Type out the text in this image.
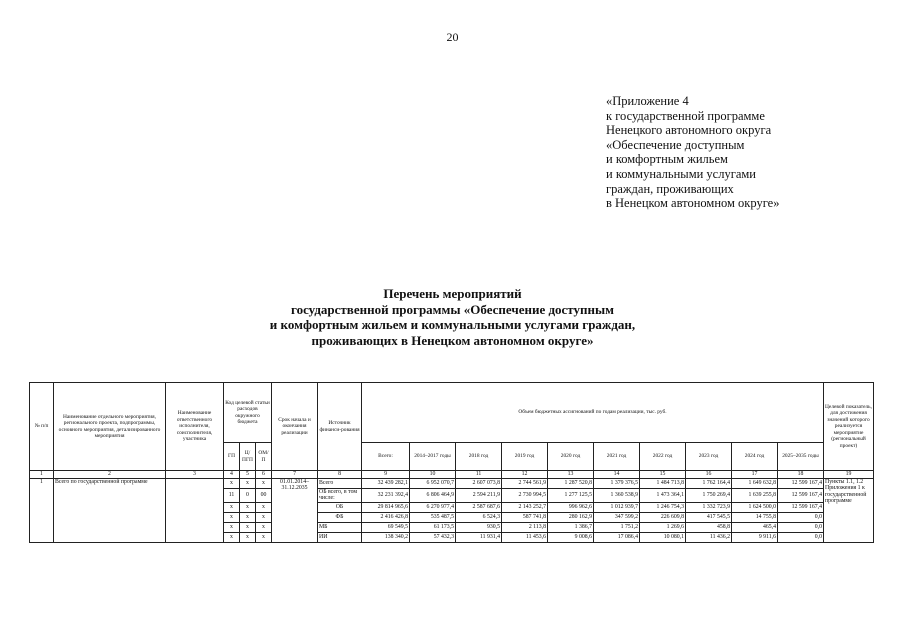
20
«Приложение 4
к государственной программе
Ненецкого автономного округа
«Обеспечение доступным
и комфортным жильем
и коммунальными услугами
граждан, проживающих
в Ненецком автономном округе»
Перечень мероприятий
государственной программы «Обеспечение доступным
и комфортным жильем и коммунальными услугами граждан,
проживающих в Ненецком автономном округе»
№ п/п	Наименование отдельного мероприятия, регионального проекта, подпрограммы, основного мероприятия, детализированного мероприятия	Наименование ответственного исполнителя, соисполнителя, участника	Код целевой статьи расходов окружного бюджета			Срок начала и окончания реализации	Источник финанси-рования	Объем бюджетных ассигнований по годам реализации, тыс. руб.										Целевой показатель, для достижения значений которого реализуется мероприятие (региональный проект)
			ГП	Ц/ПГП	ОМ/П			Всего:	2014–2017 годы	2018 год	2019 год	2020 год	2021 год	2022 год	2023 год	2024 год	2025–2035 годы	
1	2	3	4	5	6	7	8	9	10	11	12	13	14	15	16	17	18	19
1	Всего по государственной программе		х	х	х	01.01.2014–31.12.2035	Всего	32 439 282,1	6 952 070,7	2 607 073,8	2 744 561,9	1 287 520,8	1 379 376,5	1 484 713,8	1 762 164,4	1 649 632,8	12 599 167,4	Пункты 1.1, 1.2 Приложения 1 к государственной программе
			11	0	00		ОБ всего, в том числе:	32 231 392,4	6 806 464,9	2 594 211,9	2 730 994,5	1 277 125,5	1 360 538,9	1 473 364,1	1 750 269,4	1 639 255,8	12 599 167,4	

			х	х	х		ОБ	29 814 965,6	6 270 977,4	2 587 687,6	2 143 252,7	996 962,6	1 012 939,7	1 246 754,3	1 332 723,9	1 624 500,0	12 599 167,4	
			х	х	х		ФБ	2 416 426,8	535 487,5	6 524,3	587 741,8	280 162,9	347 599,2	226 609,8	417 545,5	14 755,8	0,0	
			х	х	х		МБ	69 549,5	61 173,5	930,5	2 113,8	1 386,7	1 751,2	1 269,6	458,8	465,4	0,0	
			х	х	х		ИИ	138 340,2	57 432,3	11 931,4	11 453,6	9 008,6	17 086,4	10 080,1	11 436,2	9 911,6	0,0	
